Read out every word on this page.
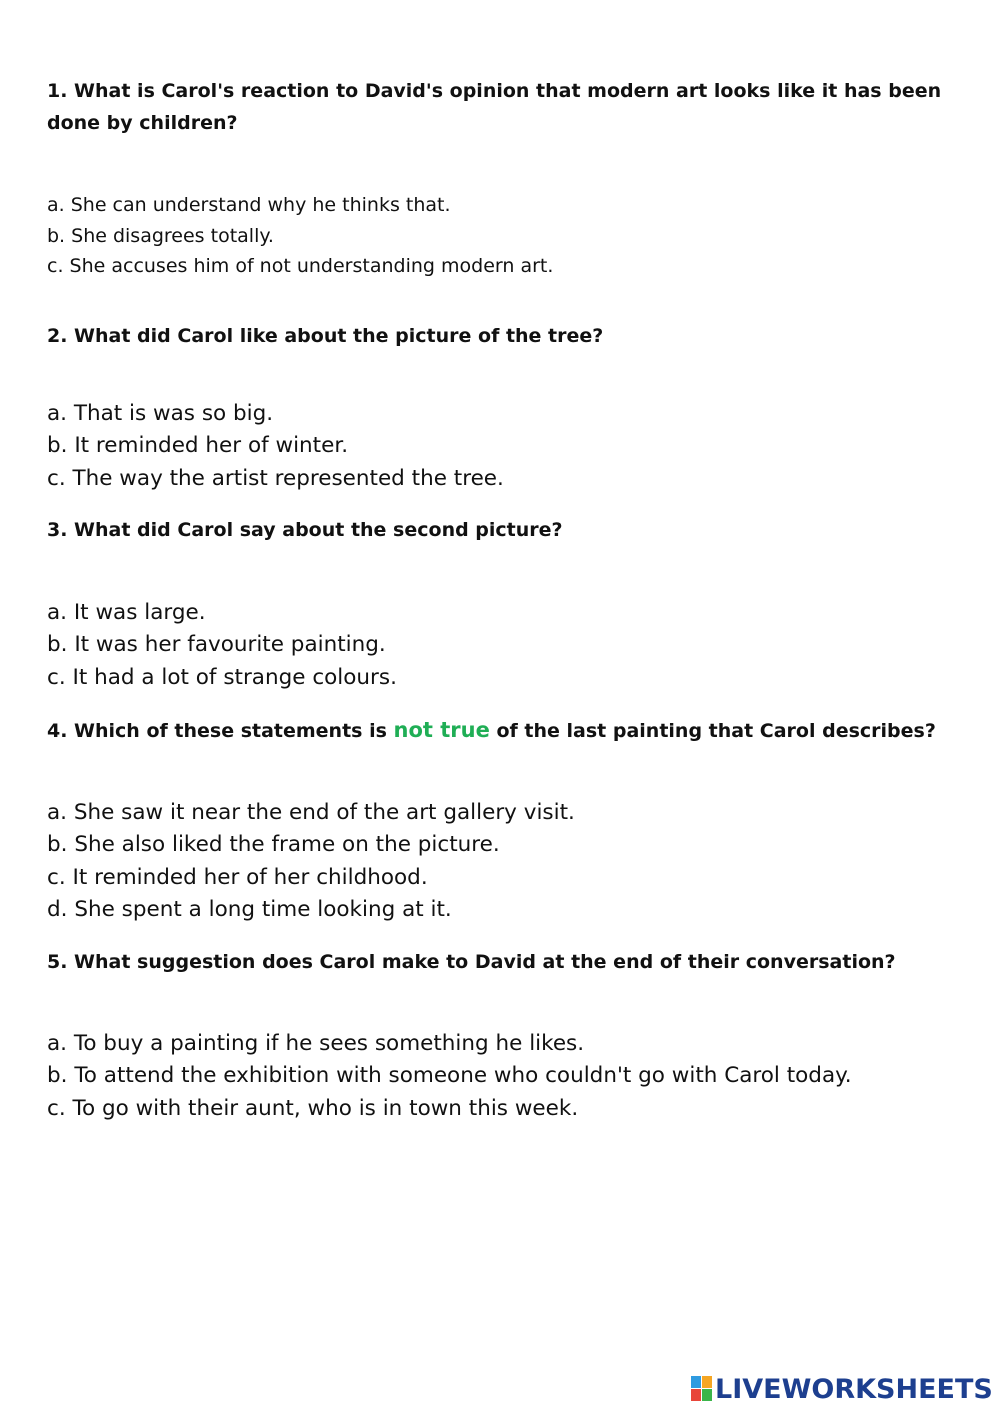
1. What is Carol's reaction to David's opinion that modern art looks like it has been done by children?

a. She can understand why he thinks that.
b. She disagrees totally.
c. She accuses him of not understanding modern art.

2. What did Carol like about the picture of the tree?

a. That is was so big.
b. It reminded her of winter.
c. The way the artist represented the tree.

3. What did Carol say about the second picture?

a. It was large.
b. It was her favourite painting.
c. It had a lot of strange colours.

4. Which of these statements is not true of the last painting that Carol describes?

a. She saw it near the end of the art gallery visit.
b. She also liked the frame on the picture.
c. It reminded her of her childhood.
d. She spent a long time looking at it.

5. What suggestion does Carol make to David at the end of their conversation?

a. To buy a painting if he sees something he likes.
b. To attend the exhibition with someone who couldn't go with Carol today.
c. To go with their aunt, who is in town this week.
LIVEWORKSHEETS
